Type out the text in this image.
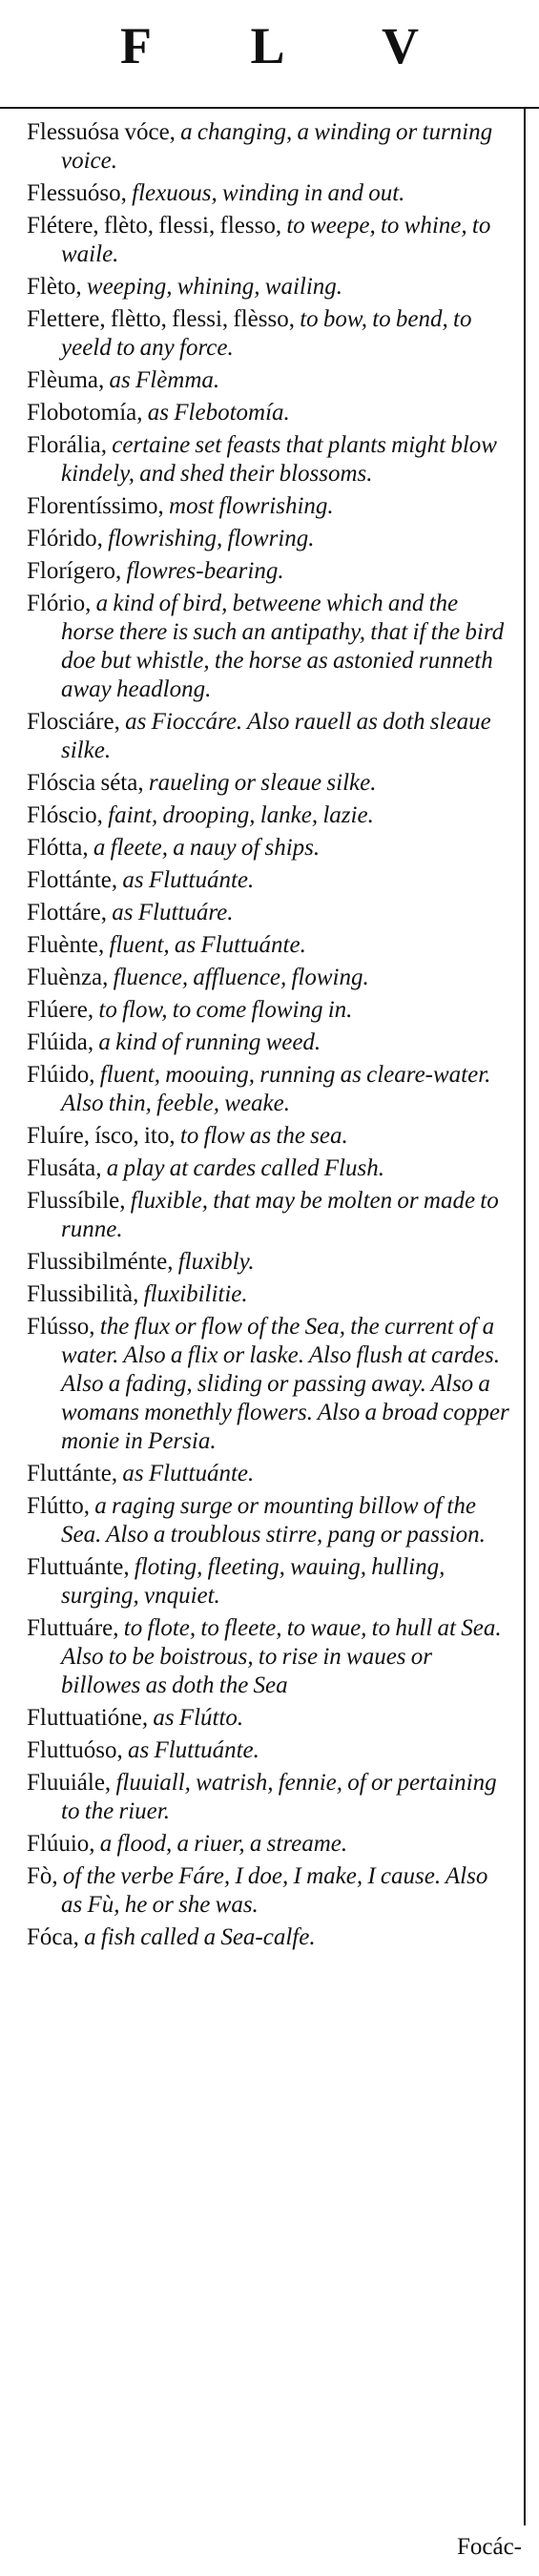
F L V
Flessuósa vóce, a changing, a winding or turning voice.
Flessuóso, flexuous, winding in and out.
Flétere, flèto, flessi, flesso, to weepe, to whine, to waile.
Flèto, weeping, whining, wailing.
Flettere, flètto, flessi, flèsso, to bow, to bend, to yeeld to any force.
Flèuma, as Flèmma.
Flobotomía, as Flebotomía.
Florália, certaine set feasts that plants might blow kindely, and shed their blossoms.
Florentíssimo, most flowrishing.
Flórido, flowrishing, flowring.
Florígero, flowres-bearing.
Flório, a kind of bird, betweene which and the horse there is such an antipathy, that if the bird doe but whistle, the horse as astonied runneth away headlong.
Flosciáre, as Fioccáre. Also rauell as doth sleaue silke.
Flóscia séta, raueling or sleaue silke.
Flóscio, faint, drooping, lanke, lazie.
Flótta, a fleete, a nauy of ships.
Flottánte, as Fluttuánte.
Flottáre, as Fluttuáre.
Fluènte, fluent, as Fluttuánte.
Fluènza, fluence, affluence, flowing.
Flúere, to flow, to come flowing in.
Flúida, a kind of running weed.
Flúido, fluent, moouing, running as cleare-water. Also thin, feeble, weake.
Fluíre, ísco, ito, to flow as the sea.
Flusáta, a play at cardes called Flush.
Flussíbile, fluxible, that may be molten or made to runne.
Flussibilménte, fluxibly.
Flussibilità, fluxibilitie.
Flússo, the flux or flow of the Sea, the current of a water. Also a flix or laske. Also flush at cardes. Also a fading, sliding or passing away. Also a womans monethly flowers. Also a broad copper monie in Persia.
Fluttánte, as Fluttuánte.
Flútto, a raging surge or mounting billow of the Sea. Also a troublous stirre, pang or passion.
Fluttuánte, floting, fleeting, wauing, hulling, surging, vnquiet.
Fluttuáre, to flote, to fleete, to waue, to hull at Sea. Also to be boistrous, to rise in waues or billowes as doth the Sea
Fluttuatióne, as Flútto.
Fluttuóso, as Fluttuánte.
Fluuiále, fluuiall, watrish, fennie, of or pertaining to the riuer.
Flúuio, a flood, a riuer, a streame.
Fò, of the verbe Fáre, I doe, I make, I cause. Also as Fù, he or she was.
Fóca, a fish called a Sea-calfe.
Focác-
